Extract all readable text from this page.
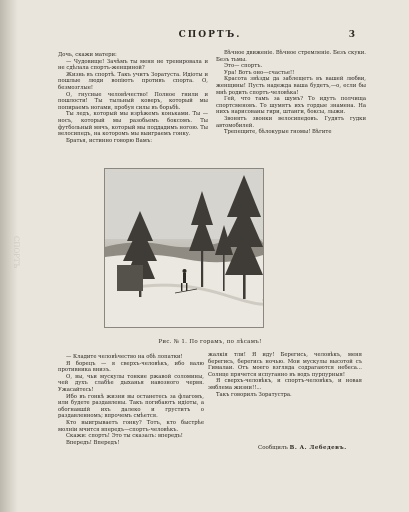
СПОРТЪ
СПОРТЪ.	3

Дочь, скажи матери:

— Чудовище! Зачѣмъ ты меня не тренировала и не сдѣлала спортъ-женщиной?

Жизнь въ спортѣ. Такъ учитъ Зоратуста. Идіоты и пошлые люди вопіютъ противъ спорта. О, безмозглые!

О, гнусные человѣчество! Полное гнили и пошлости! Ты тыльный коверъ, который мы попираемъ ногами, пробуя силы въ борьбѣ.

Ты ледъ, который мы изрѣжемъ коньками. Ты — носъ, который мы разобьемъ боксомъ. Ты футбольный мячъ, который мы поддадимъ ногою. Ты велосипедъ, на которомъ мы выиграемъ гонку.

Братья, истинно говорю Вамъ:

Вѣчное движеніе. Вѣчное стремленіе. Безъ скуки. Безъ тьмы.

Это— спортъ.

Ура! Вотъ оно—счастье!!

Красота звѣзды да заблещетъ въ вашей любви, женщины! Пусть надежда ваша будетъ,—о, если бы мнѣ родить спортъ-человѣка!

Гей, что тамъ за шумъ? То идутъ полчища спортсменовъ. То шумятъ ихъ гордые знамена. На нихъ нарисованы гири, штанги, боксы, лыжи.

Звонятъ звонки велосипедовъ. Гудятъ гудки автомобилей.

Трепещите, бѣлокурые гномы! Вѣгите

Рис. № 1. По горамъ, по лѣсамъ!

— Кладите человѣчество на обѣ лопатки!

Я борецъ — я сверхъ-человѣкъ, ибо валю противника внизъ.

О, вы, чьи мускулы тонкие ржавой соломины, чей духъ слабѣе дыханья навозного червя. Ужасайтесь!

Ибо въ гонкѣ жизни вы останетесь за флагомъ, или будете раздавлены. Такъ погибаютъ идіоты, а обогнавшій ихъ далеко и груститъ о раздавленномъ; впрочемъ смѣется.

Кто выигрываетъ гонку? Тотъ, кто быстрѣе молніи мчится впередъ—спортъ-человѣкъ.

Скажи: спортъ! Это ты сказалъ: впередъ!

Впередъ! Впередъ!

жалкія тли! Я иду! Берегись, человѣкъ, меня берегись, берегись ночью. Мои мускулы высотой съ Гималаи. Отъ моего взгляда содрагаются небеса... Солнце прячется испуганно въ водъ пурпурныя!

Я сверхъ-человѣкъ, и спортъ-человѣкъ, и новая эмблема жизни!!...

Такъ говорилъ Зоратустра.

Сообщилъ В. А. Лебедевъ.
